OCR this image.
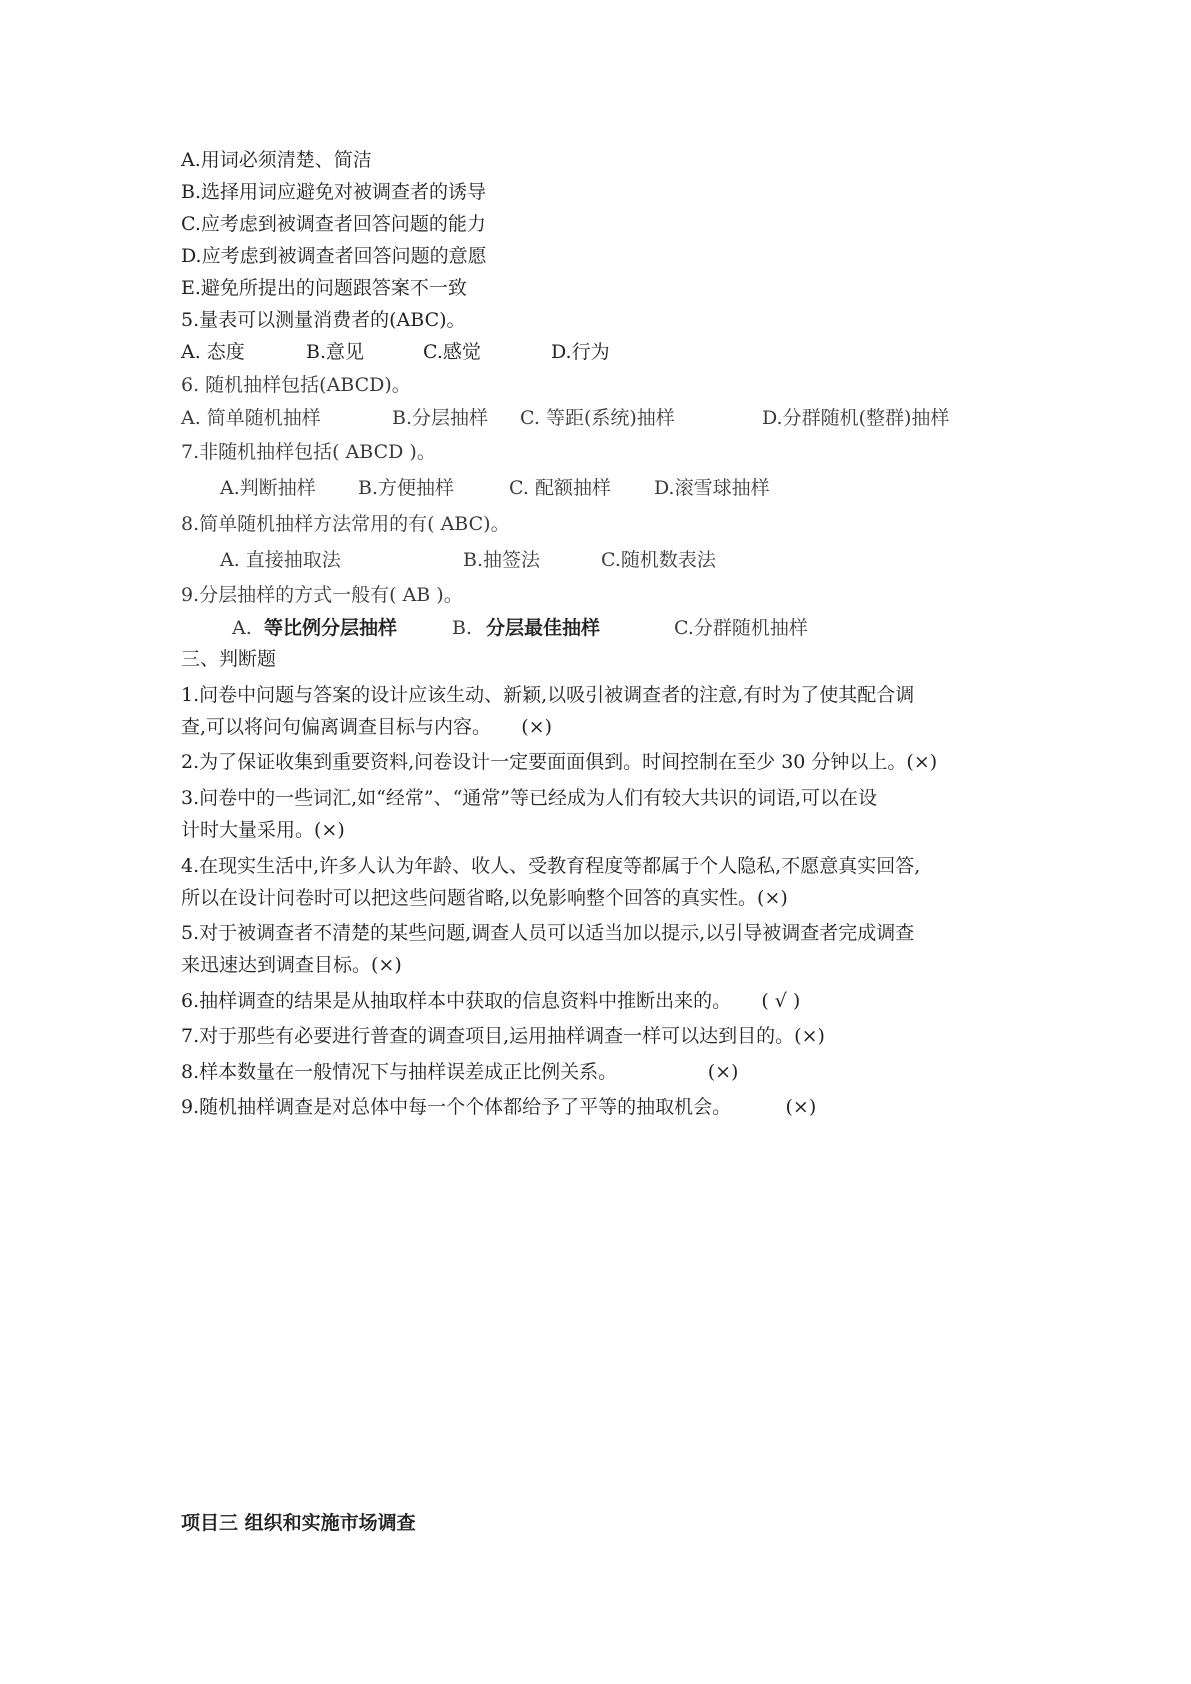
A.用词必须清楚、简洁
B.选择用词应避免对被调查者的诱导
C.应考虑到被调查者回答问题的能力
D.应考虑到被调查者回答问题的意愿
E.避免所提出的问题跟答案不一致
5.量表可以测量消费者的(ABC)。
A. 态度	B.意见	C.感觉	D.行为
6. 随机抽样包括(ABCD)。
A. 简单随机抽样	B.分层抽样 C. 等距(系统)抽样	D.分群随机(整群)抽样
7.非随机抽样包括( ABCD )。
A.判断抽样 B.方便抽样	C. 配额抽样 D.滚雪球抽样
8.简单随机抽样方法常用的有( ABC)。
A. 直接抽取法	B.抽签法	C.随机数表法
9.分层抽样的方式一般有( AB )。
A. 等比例分层抽样	B. 分层最佳抽样	C.分群随机抽样
三、判断题
1.问卷中问题与答案的设计应该生动、新颖,以吸引被调查者的注意,有时为了使其配合调
查,可以将问句偏离调查目标与内容。     (×)
2.为了保证收集到重要资料,问卷设计一定要面面俱到。时间控制在至少 30 分钟以上。(×)
3.问卷中的一些词汇,如“经常”、“通常”等已经成为人们有较大共识的词语,可以在设
计时大量采用。(×)
4.在现实生活中,许多人认为年龄、收人、受教育程度等都属于个人隐私,不愿意真实回答,
所以在设计问卷时可以把这些问题省略,以免影响整个回答的真实性。(×)
5.对于被调查者不清楚的某些问题,调查人员可以适当加以提示,以引导被调查者完成调查
来迅速达到调查目标。(×)
6.抽样调查的结果是从抽取样本中获取的信息资料中推断出来的。     ( √ )
7.对于那些有必要进行普查的调查项目,运用抽样调查一样可以达到目的。(×)
8.样本数量在一般情况下与抽样误差成正比例关系。               (×)
9.随机抽样调查是对总体中每一个个体都给予了平等的抽取机会。         (×)
项目三 组织和实施市场调查
